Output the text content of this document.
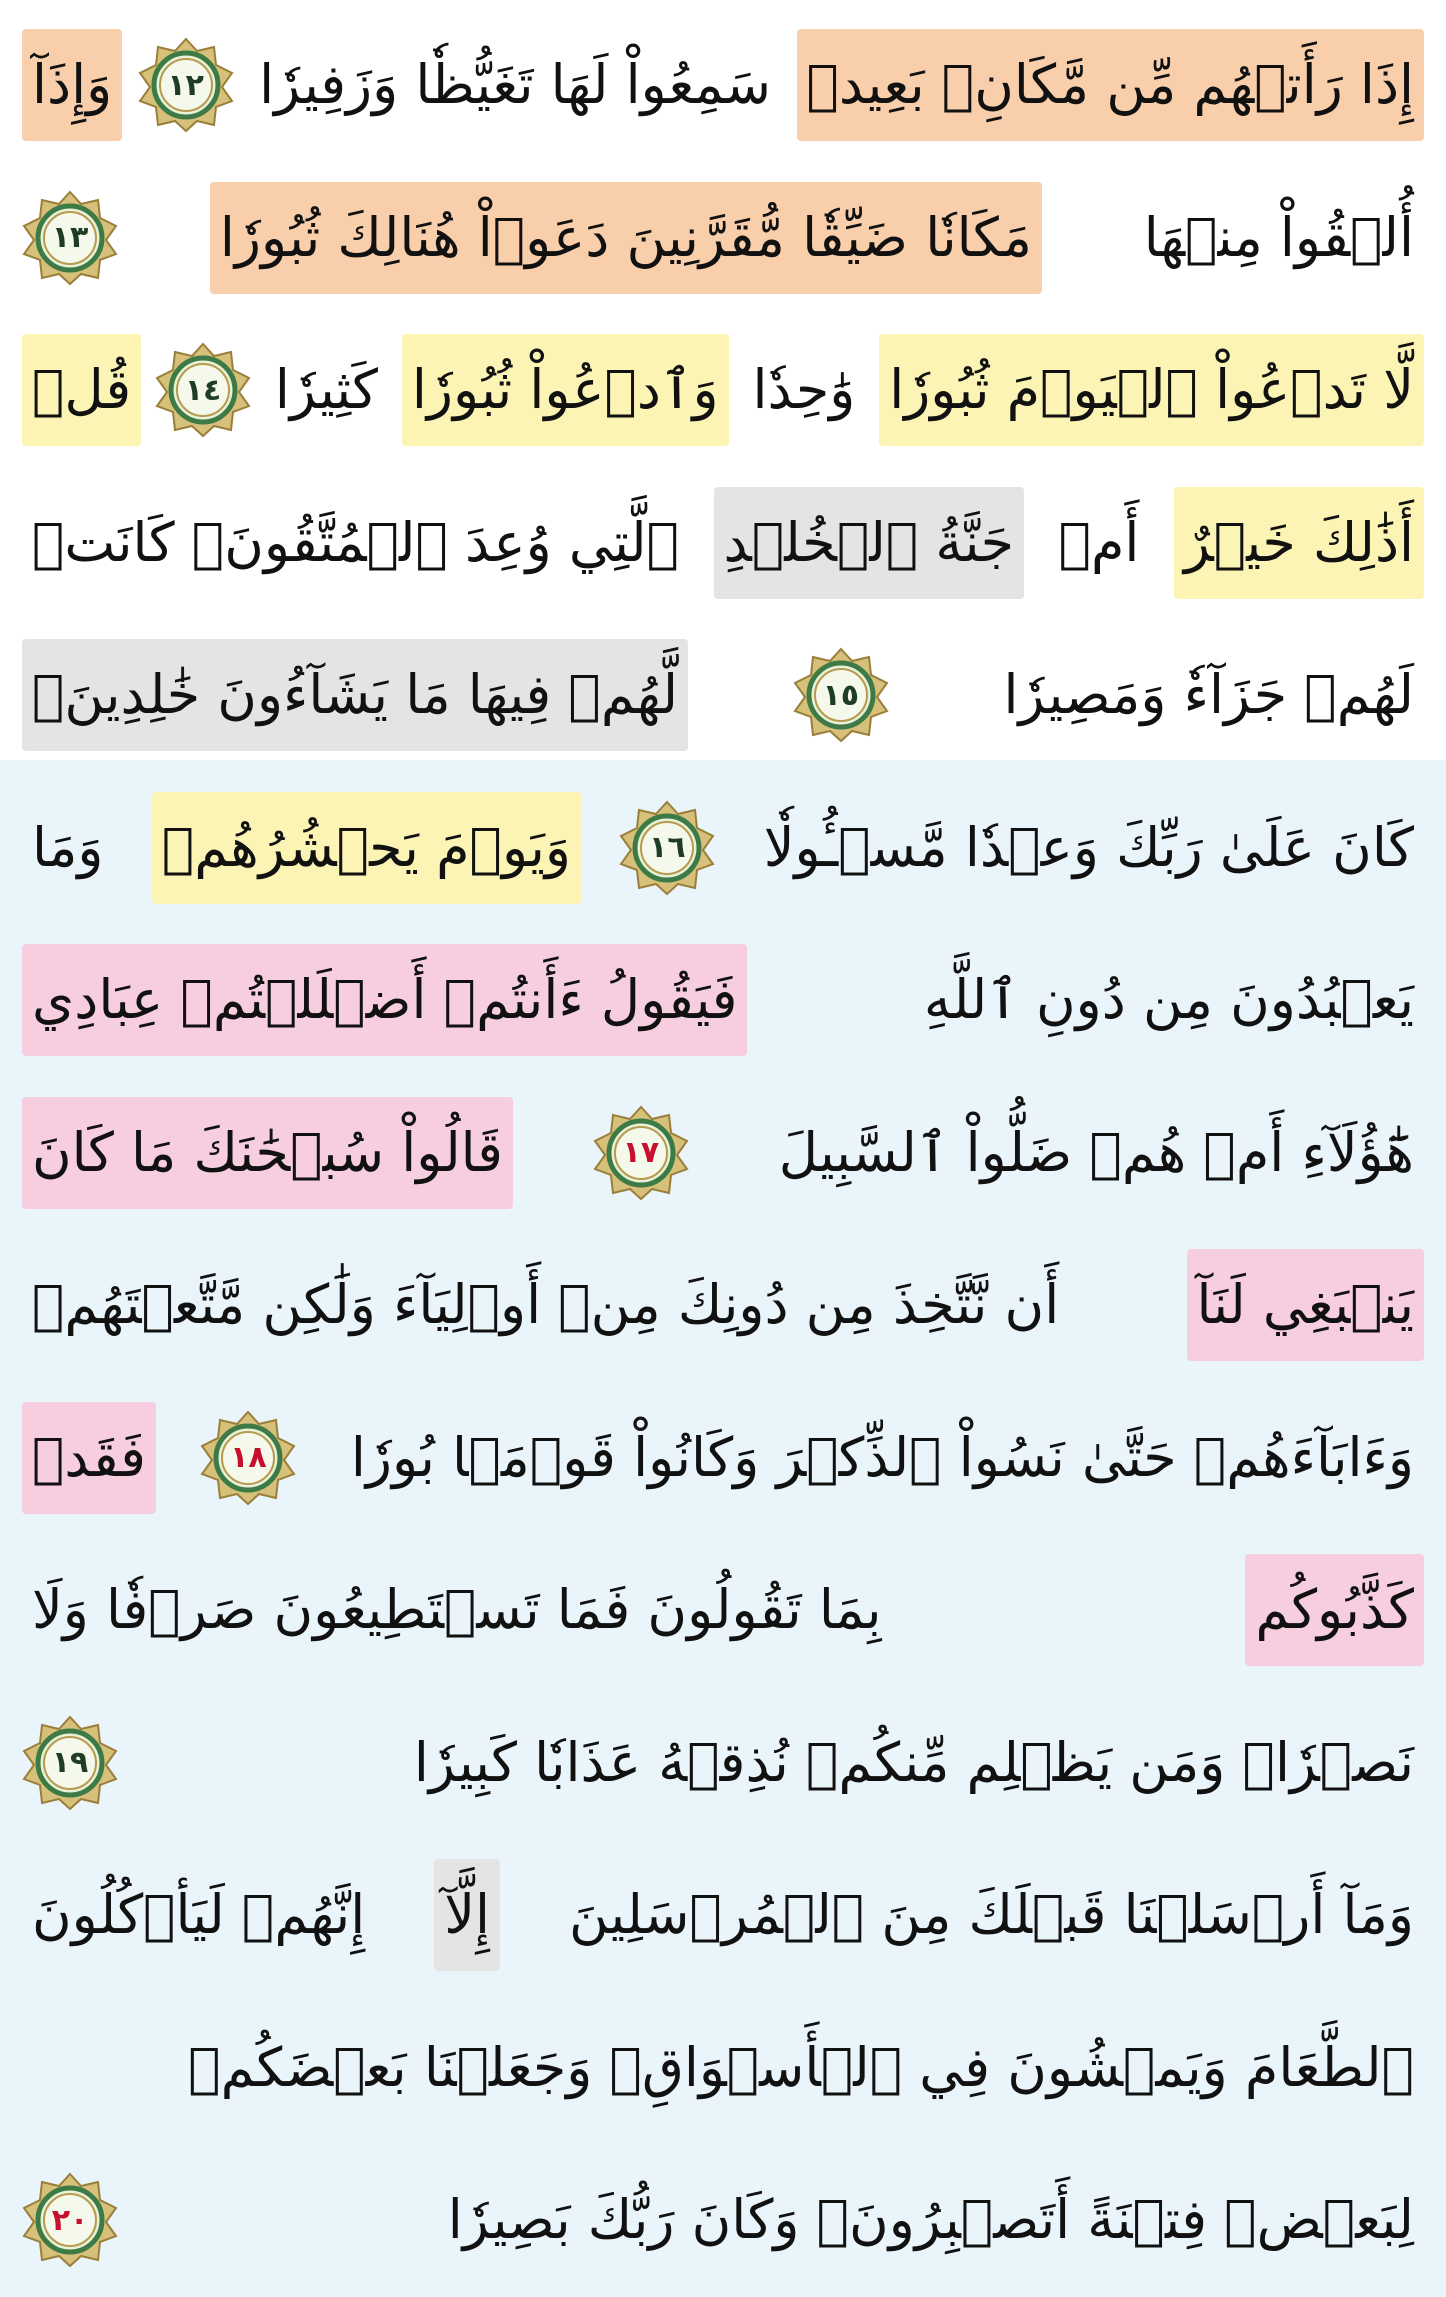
إِذَا رَأَتۡهُم مِّن مَّكَانِۭ بَعِيدٖ
سَمِعُواْ لَهَا تَغَيُّظٗا وَزَفِيرٗا
١٢
وَإِذَآ
أُلۡقُواْ مِنۡهَا
مَكَانٗا ضَيِّقٗا مُّقَرَّنِينَ دَعَوۡاْ هُنَالِكَ ثُبُورٗا
١٣
لَّا تَدۡعُواْ ٱلۡيَوۡمَ ثُبُورٗا
وَٰحِدٗا
وَٱدۡعُواْ ثُبُورٗا
كَثِيرٗا
١٤
قُلۡ
أَذَٰلِكَ خَيۡرٌ
أَمۡ
جَنَّةُ ٱلۡخُلۡدِ
ٱلَّتِي وُعِدَ ٱلۡمُتَّقُونَۚ كَانَتۡ
لَهُمۡ جَزَآءٗ وَمَصِيرٗا
١٥
لَّهُمۡ فِيهَا مَا يَشَآءُونَ خَٰلِدِينَۚ
كَانَ عَلَىٰ رَبِّكَ وَعۡدٗا مَّسۡـُٔولٗا
١٦
وَيَوۡمَ يَحۡشُرُهُمۡ
وَمَا
يَعۡبُدُونَ مِن دُونِ ٱللَّهِ
فَيَقُولُ ءَأَنتُمۡ أَضۡلَلۡتُمۡ عِبَادِي
هَٰٓؤُلَآءِ أَمۡ هُمۡ ضَلُّواْ ٱلسَّبِيلَ
١٧
قَالُواْ سُبۡحَٰنَكَ مَا كَانَ
يَنۢبَغِي لَنَآ
أَن نَّتَّخِذَ مِن دُونِكَ مِنۡ أَوۡلِيَآءَ وَلَٰكِن مَّتَّعۡتَهُمۡ
وَءَابَآءَهُمۡ حَتَّىٰ نَسُواْ ٱلذِّكۡرَ وَكَانُواْ قَوۡمَۢا بُورٗا
١٨
فَقَدۡ
كَذَّبُوكُم
بِمَا تَقُولُونَ فَمَا تَسۡتَطِيعُونَ صَرۡفٗا وَلَا
نَصۡرٗاۚ وَمَن يَظۡلِم مِّنكُمۡ نُذِقۡهُ عَذَابٗا كَبِيرٗا
١٩
وَمَآ أَرۡسَلۡنَا قَبۡلَكَ مِنَ ٱلۡمُرۡسَلِينَ
إِلَّآ
إِنَّهُمۡ لَيَأۡكُلُونَ
ٱلطَّعَامَ وَيَمۡشُونَ فِي ٱلۡأَسۡوَاقِۗ وَجَعَلۡنَا بَعۡضَكُمۡ
لِبَعۡضٖ فِتۡنَةً أَتَصۡبِرُونَۗ وَكَانَ رَبُّكَ بَصِيرٗا
٢٠
